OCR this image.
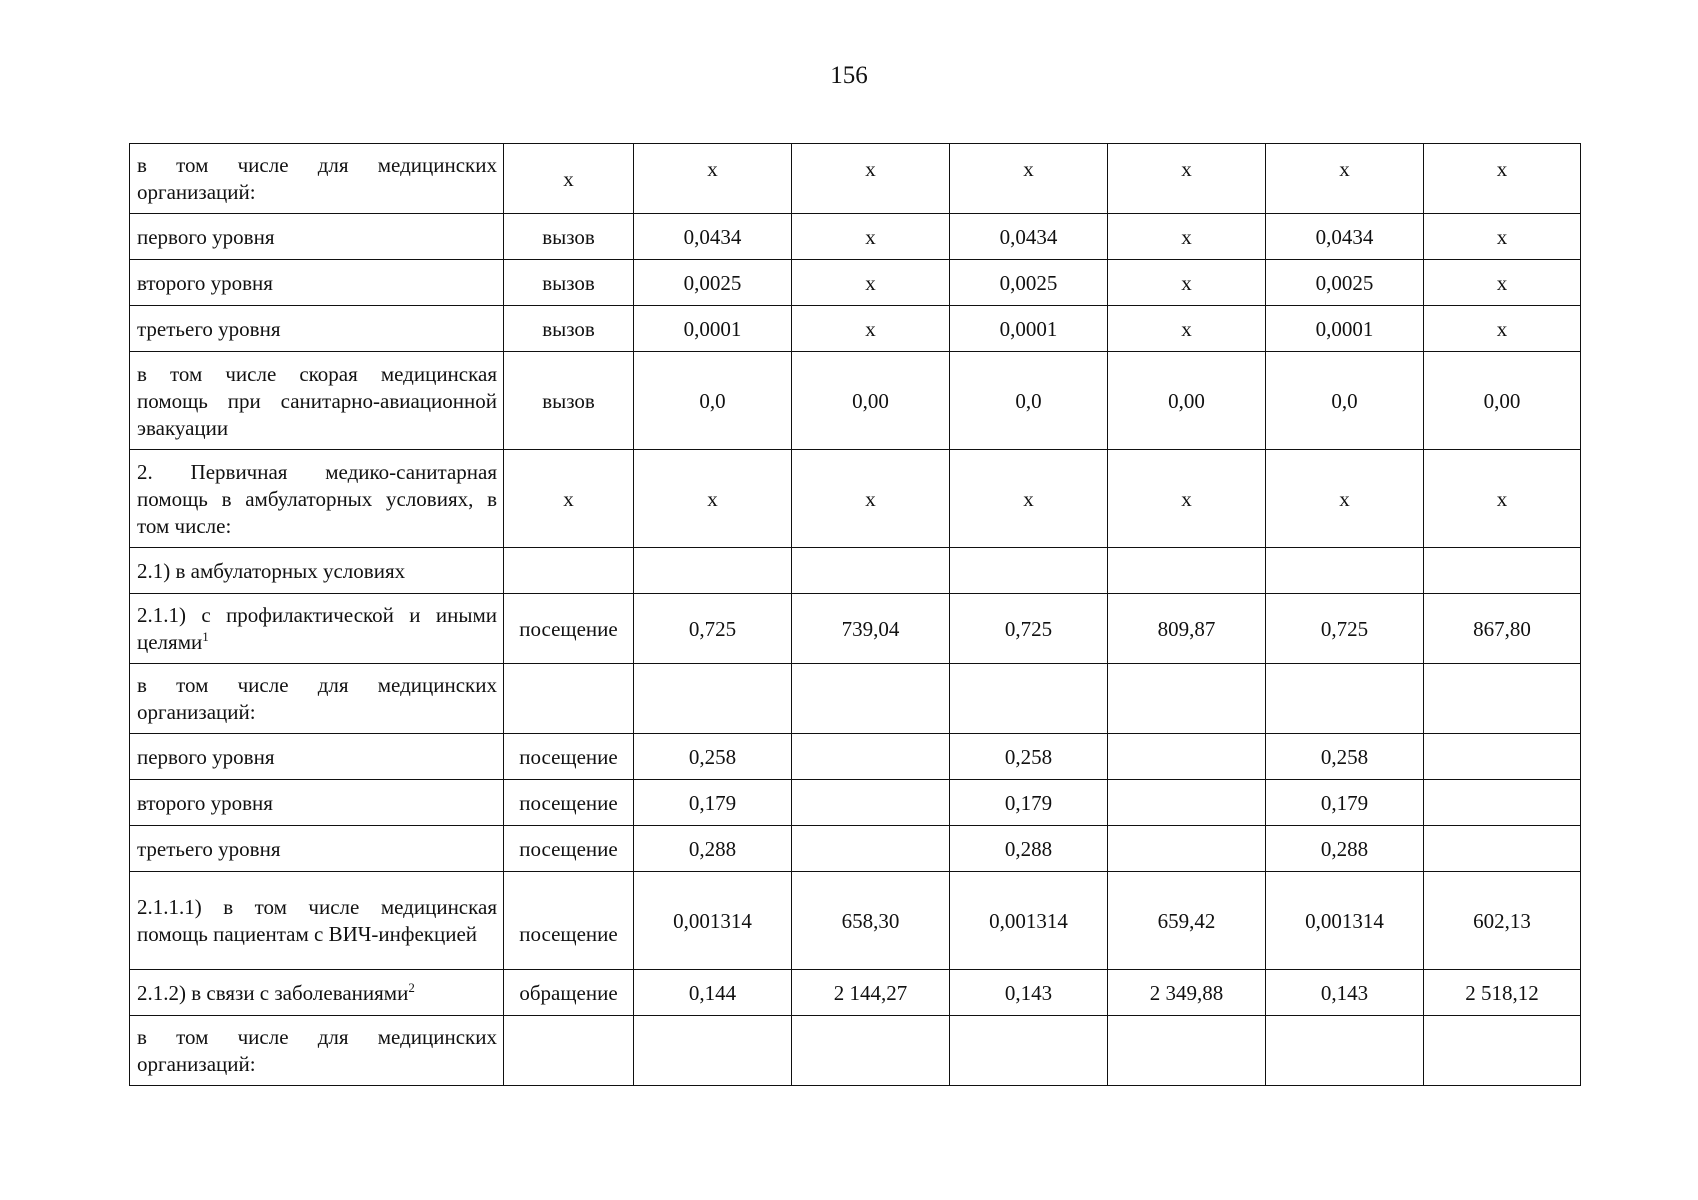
156
в том числе для медицинских организаций:	х	х	х	х	х	х	х
первого уровня	вызов	0,0434	х	0,0434	х	0,0434	х
второго уровня	вызов	0,0025	х	0,0025	х	0,0025	х
третьего уровня	вызов	0,0001	х	0,0001	х	0,0001	х
в том числе скорая медицинская помощь при санитарно-авиационной эвакуации	вызов	0,0	0,00	0,0	0,00	0,0	0,00
2. Первичная медико-санитарная помощь в амбулаторных условиях, в том числе:	х	х	х	х	х	х	х
2.1) в амбулаторных условиях							
2.1.1) с профилактической и иными целями$^1$	посещение	0,725	739,04	0,725	809,87	0,725	867,80
в том числе для медицинских организаций:							
первого уровня	посещение	0,258		0,258		0,258	
второго уровня	посещение	0,179		0,179		0,179	
третьего уровня	посещение	0,288		0,288		0,288	
2.1.1.1) в том числе медицинская помощь пациентам с ВИЧ-инфекцией	посещение	0,001314	658,30	0,001314	659,42	0,001314	602,13
2.1.2) в связи с заболеваниями$^2$	обращение	0,144	2 144,27	0,143	2 349,88	0,143	2 518,12
в том числе для медицинских организаций:							
